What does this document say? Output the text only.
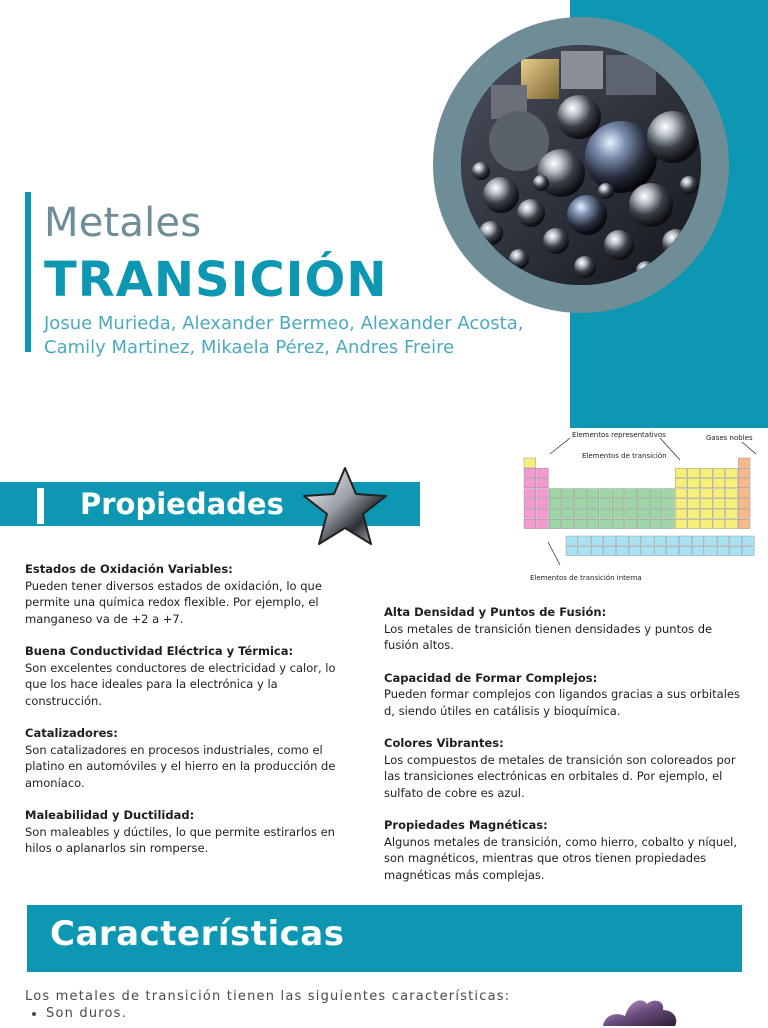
Metales
TRANSICIÓN
Josue Murieda, Alexander Bermeo, Alexander Acosta, Camily Martinez, Mikaela Pérez, Andres Freire
Elementos representativos	Gases nobles
Elementos de transición
Elementos de transición interna
Propiedades
Estados de Oxidación Variables:
Pueden tener diversos estados de oxidación, lo que permite una química redox flexible. Por ejemplo, el manganeso va de +2 a +7.
Buena Conductividad Eléctrica y Térmica:
Son excelentes conductores de electricidad y calor, lo que los hace ideales para la electrónica y la construcción.
Catalizadores:
Son catalizadores en procesos industriales, como el platino en automóviles y el hierro en la producción de amoníaco.
Maleabilidad y Ductilidad:
Son maleables y dúctiles, lo que permite estirarlos en hilos o aplanarlos sin romperse.
Alta Densidad y Puntos de Fusión:
Los metales de transición tienen densidades y puntos de fusión altos.
Capacidad de Formar Complejos:
Pueden formar complejos con ligandos gracias a sus orbitales d, siendo útiles en catálisis y bioquímica.
Colores Vibrantes:
Los compuestos de metales de transición son coloreados por las transiciones electrónicas en orbitales d. Por ejemplo, el sulfato de cobre es azul.
Propiedades Magnéticas:
Algunos metales de transición, como hierro, cobalto y níquel, son magnéticos, mientras que otros tienen propiedades magnéticas más complejas.
Características
Los metales de transición tienen las siguientes características:
• Son duros.
